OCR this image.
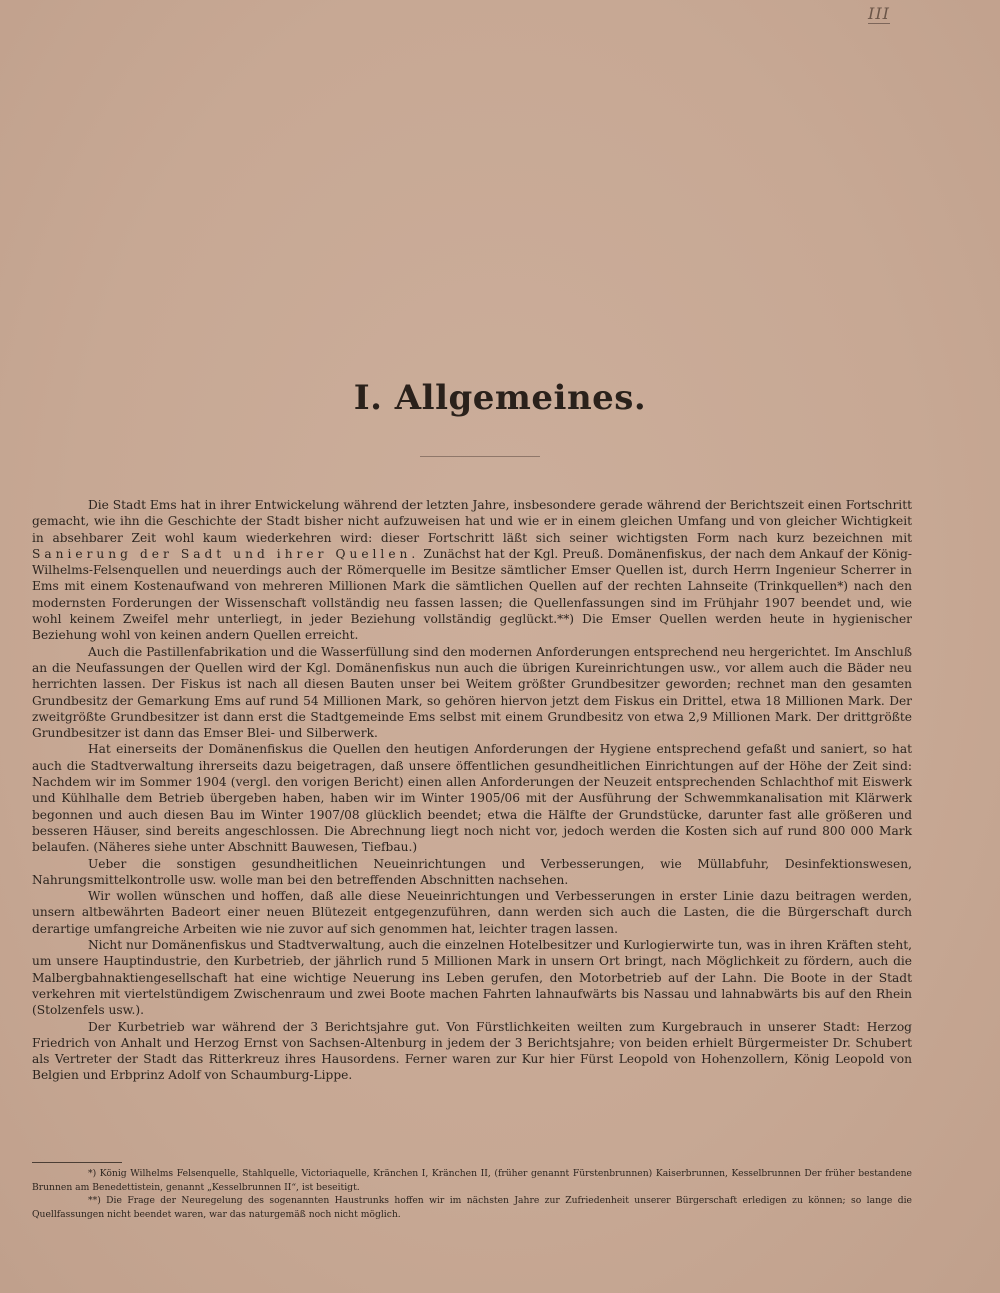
III
I. Allgemeines.

Die Stadt Ems hat in ihrer Entwickelung während der letzten Jahre, insbesondere gerade während der Berichtszeit einen Fortschritt gemacht, wie ihn die Geschichte der Stadt bisher nicht aufzuweisen hat und wie er in einem gleichen Umfang und von gleicher Wichtigkeit in absehbarer Zeit wohl kaum wiederkehren wird: dieser Fortschritt läßt sich seiner wichtigsten Form nach kurz bezeichnen mit Sanierung der Sadt und ihrer Quellen. Zunächst hat der Kgl. Preuß. Domänenfiskus, der nach dem Ankauf der König-Wilhelms-Felsenquellen und neuerdings auch der Römerquelle im Besitze sämtlicher Emser Quellen ist, durch Herrn Ingenieur Scherrer in Ems mit einem Kostenaufwand von mehreren Millionen Mark die sämtlichen Quellen auf der rechten Lahnseite (Trinkquellen*) nach den modernsten Forderungen der Wissenschaft vollständig neu fassen lassen; die Quellenfassungen sind im Frühjahr 1907 beendet und, wie wohl keinem Zweifel mehr unterliegt, in jeder Beziehung vollständig geglückt.**) Die Emser Quellen werden heute in hygienischer Beziehung wohl von keinen andern Quellen erreicht.

Auch die Pastillenfabrikation und die Wasserfüllung sind den modernen Anforderungen entsprechend neu hergerichtet. Im Anschluß an die Neufassungen der Quellen wird der Kgl. Domänenfiskus nun auch die übrigen Kureinrichtungen usw., vor allem auch die Bäder neu herrichten lassen. Der Fiskus ist nach all diesen Bauten unser bei Weitem größter Grundbesitzer geworden; rechnet man den gesamten Grundbesitz der Gemarkung Ems auf rund 54 Millionen Mark, so gehören hiervon jetzt dem Fiskus ein Drittel, etwa 18 Millionen Mark. Der zweitgrößte Grundbesitzer ist dann erst die Stadtgemeinde Ems selbst mit einem Grundbesitz von etwa 2,9 Millionen Mark. Der drittgrößte Grundbesitzer ist dann das Emser Blei- und Silberwerk.

Hat einerseits der Domänenfiskus die Quellen den heutigen Anforderungen der Hygiene entsprechend gefaßt und saniert, so hat auch die Stadtverwaltung ihrerseits dazu beigetragen, daß unsere öffentlichen gesundheitlichen Einrichtungen auf der Höhe der Zeit sind: Nachdem wir im Sommer 1904 (vergl. den vorigen Bericht) einen allen Anforderungen der Neuzeit entsprechenden Schlachthof mit Eiswerk und Kühlhalle dem Betrieb übergeben haben, haben wir im Winter 1905/06 mit der Ausführung der Schwemmkanalisation mit Klärwerk begonnen und auch diesen Bau im Winter 1907/08 glücklich beendet; etwa die Hälfte der Grundstücke, darunter fast alle größeren und besseren Häuser, sind bereits angeschlossen. Die Abrechnung liegt noch nicht vor, jedoch werden die Kosten sich auf rund 800 000 Mark belaufen. (Näheres siehe unter Abschnitt Bauwesen, Tiefbau.)

Ueber die sonstigen gesundheitlichen Neueinrichtungen und Verbesserungen, wie Müllabfuhr, Desinfektionswesen, Nahrungsmittelkontrolle usw. wolle man bei den betreffenden Abschnitten nachsehen.

Wir wollen wünschen und hoffen, daß alle diese Neueinrichtungen und Verbesserungen in erster Linie dazu beitragen werden, unsern altbewährten Badeort einer neuen Blütezeit entgegenzuführen, dann werden sich auch die Lasten, die die Bürgerschaft durch derartige umfangreiche Arbeiten wie nie zuvor auf sich genommen hat, leichter tragen lassen.

Nicht nur Domänenfiskus und Stadtverwaltung, auch die einzelnen Hotelbesitzer und Kurlogierwirte tun, was in ihren Kräften steht, um unsere Hauptindustrie, den Kurbetrieb, der jährlich rund 5 Millionen Mark in unsern Ort bringt, nach Möglichkeit zu fördern, auch die Malbergbahnaktiengesellschaft hat eine wichtige Neuerung ins Leben gerufen, den Motorbetrieb auf der Lahn. Die Boote in der Stadt verkehren mit viertelstündigem Zwischenraum und zwei Boote machen Fahrten lahnaufwärts bis Nassau und lahnabwärts bis auf den Rhein (Stolzenfels usw.).

Der Kurbetrieb war während der 3 Berichtsjahre gut. Von Fürstlichkeiten weilten zum Kurgebrauch in unserer Stadt: Herzog Friedrich von Anhalt und Herzog Ernst von Sachsen-Altenburg in jedem der 3 Berichtsjahre; von beiden erhielt Bürgermeister Dr. Schubert als Vertreter der Stadt das Ritterkreuz ihres Hausordens. Ferner waren zur Kur hier Fürst Leopold von Hohenzollern, König Leopold von Belgien und Erbprinz Adolf von Schaumburg-Lippe.

*) König Wilhelms Felsenquelle, Stahlquelle, Victoriaquelle, Kränchen I, Kränchen II, (früher genannt Fürstenbrunnen) Kaiserbrunnen, Kesselbrunnen Der früher bestandene Brunnen am Benedettistein, genannt „Kesselbrunnen II“, ist beseitigt.

**) Die Frage der Neuregelung des sogenannten Haustrunks hoffen wir im nächsten Jahre zur Zufriedenheit unserer Bürgerschaft erledigen zu können; so lange die Quellfassungen nicht beendet waren, war das naturgemäß noch nicht möglich.
